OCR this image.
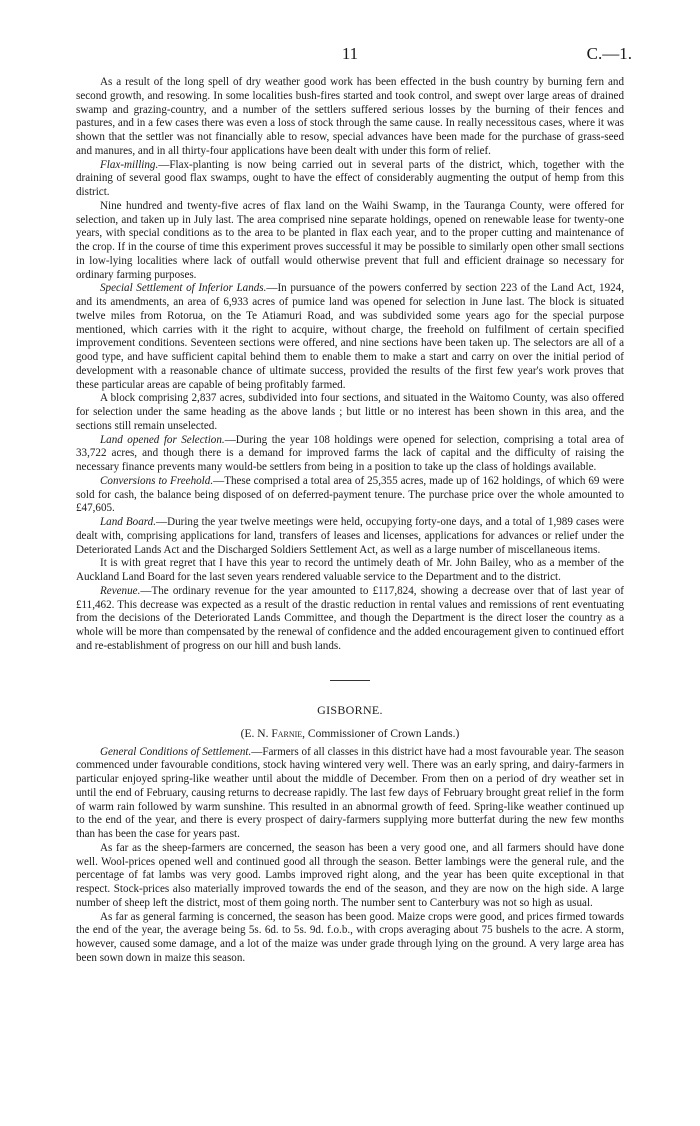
11	C.—1.

As a result of the long spell of dry weather good work has been effected in the bush country by burning fern and second growth, and resowing. In some localities bush-fires started and took control, and swept over large areas of drained swamp and grazing-country, and a number of the settlers suffered serious losses by the burning of their fences and pastures, and in a few cases there was even a loss of stock through the same cause. In really necessitous cases, where it was shown that the settler was not financially able to resow, special advances have been made for the purchase of grass-seed and manures, and in all thirty-four applications have been dealt with under this form of relief.

Flax-milling.—Flax-planting is now being carried out in several parts of the district, which, together with the draining of several good flax swamps, ought to have the effect of considerably augmenting the output of hemp from this district.

Nine hundred and twenty-five acres of flax land on the Waihi Swamp, in the Tauranga County, were offered for selection, and taken up in July last. The area comprised nine separate holdings, opened on renewable lease for twenty-one years, with special conditions as to the area to be planted in flax each year, and to the proper cutting and maintenance of the crop. If in the course of time this experiment proves successful it may be possible to similarly open other small sections in low-lying localities where lack of outfall would otherwise prevent that full and efficient drainage so necessary for ordinary farming purposes.

Special Settlement of Inferior Lands.—In pursuance of the powers conferred by section 223 of the Land Act, 1924, and its amendments, an area of 6,933 acres of pumice land was opened for selection in June last. The block is situated twelve miles from Rotorua, on the Te Atiamuri Road, and was subdivided some years ago for the special purpose mentioned, which carries with it the right to acquire, without charge, the freehold on fulfilment of certain specified improvement conditions. Seventeen sections were offered, and nine sections have been taken up. The selectors are all of a good type, and have sufficient capital behind them to enable them to make a start and carry on over the initial period of development with a reasonable chance of ultimate success, provided the results of the first few year's work proves that these particular areas are capable of being profitably farmed.

A block comprising 2,837 acres, subdivided into four sections, and situated in the Waitomo County, was also offered for selection under the same heading as the above lands ; but little or no interest has been shown in this area, and the sections still remain unselected.

Land opened for Selection.—During the year 108 holdings were opened for selection, comprising a total area of 33,722 acres, and though there is a demand for improved farms the lack of capital and the difficulty of raising the necessary finance prevents many would-be settlers from being in a position to take up the class of holdings available.

Conversions to Freehold.—These comprised a total area of 25,355 acres, made up of 162 holdings, of which 69 were sold for cash, the balance being disposed of on deferred-payment tenure. The purchase price over the whole amounted to £47,605.

Land Board.—During the year twelve meetings were held, occupying forty-one days, and a total of 1,989 cases were dealt with, comprising applications for land, transfers of leases and licenses, applications for advances or relief under the Deteriorated Lands Act and the Discharged Soldiers Settlement Act, as well as a large number of miscellaneous items.

It is with great regret that I have this year to record the untimely death of Mr. John Bailey, who as a member of the Auckland Land Board for the last seven years rendered valuable service to the Department and to the district.

Revenue.—The ordinary revenue for the year amounted to £117,824, showing a decrease over that of last year of £11,462. This decrease was expected as a result of the drastic reduction in rental values and remissions of rent eventuating from the decisions of the Deteriorated Lands Committee, and though the Department is the direct loser the country as a whole will be more than compensated by the renewal of confidence and the added encouragement given to continued effort and re-establishment of progress on our hill and bush lands.

GISBORNE.
(E. N. Farnie, Commissioner of Crown Lands.)

General Conditions of Settlement.—Farmers of all classes in this district have had a most favourable year. The season commenced under favourable conditions, stock having wintered very well. There was an early spring, and dairy-farmers in particular enjoyed spring-like weather until about the middle of December. From then on a period of dry weather set in until the end of February, causing returns to decrease rapidly. The last few days of February brought great relief in the form of warm rain followed by warm sunshine. This resulted in an abnormal growth of feed. Spring-like weather continued up to the end of the year, and there is every prospect of dairy-farmers supplying more butterfat during the new few months than has been the case for years past.

As far as the sheep-farmers are concerned, the season has been a very good one, and all farmers should have done well. Wool-prices opened well and continued good all through the season. Better lambings were the general rule, and the percentage of fat lambs was very good. Lambs improved right along, and the year has been quite exceptional in that respect. Stock-prices also materially improved towards the end of the season, and they are now on the high side. A large number of sheep left the district, most of them going north. The number sent to Canterbury was not so high as usual.

As far as general farming is concerned, the season has been good. Maize crops were good, and prices firmed towards the end of the year, the average being 5s. 6d. to 5s. 9d. f.o.b., with crops averaging about 75 bushels to the acre. A storm, however, caused some damage, and a lot of the maize was under grade through lying on the ground. A very large area has been sown down in maize this season.
